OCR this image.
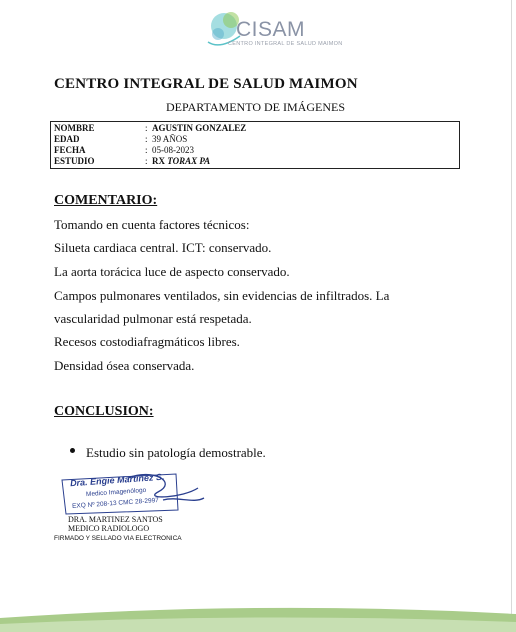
CISAM
CENTRO INTEGRAL DE SALUD MAIMON
CENTRO INTEGRAL DE SALUD MAIMON
DEPARTAMENTO DE IMÁGENES
NOMBRE	: AGUSTIN GONZALEZ
EDAD	: 39 AÑOS
FECHA	: 05-08-2023
ESTUDIO	: RX TORAX PA
COMENTARIO:
Tomando en cuenta factores técnicos:
Silueta cardiaca central. ICT: conservado.
La aorta torácica luce de aspecto conservado.
Campos pulmonares ventilados, sin evidencias de infiltrados. La
vascularidad pulmonar está respetada.
Recesos costodiafragmáticos libres.
Densidad ósea conservada.
CONCLUSION:
Estudio sin patología demostrable.
Dra. Engie Martinez S.
Medico Imagenólogo
EXQ Nº 208-13 CMC 28-2997
DRA. MARTINEZ SANTOS
MEDICO RADIOLOGO
FIRMADO Y SELLADO VIA ELECTRONICA
